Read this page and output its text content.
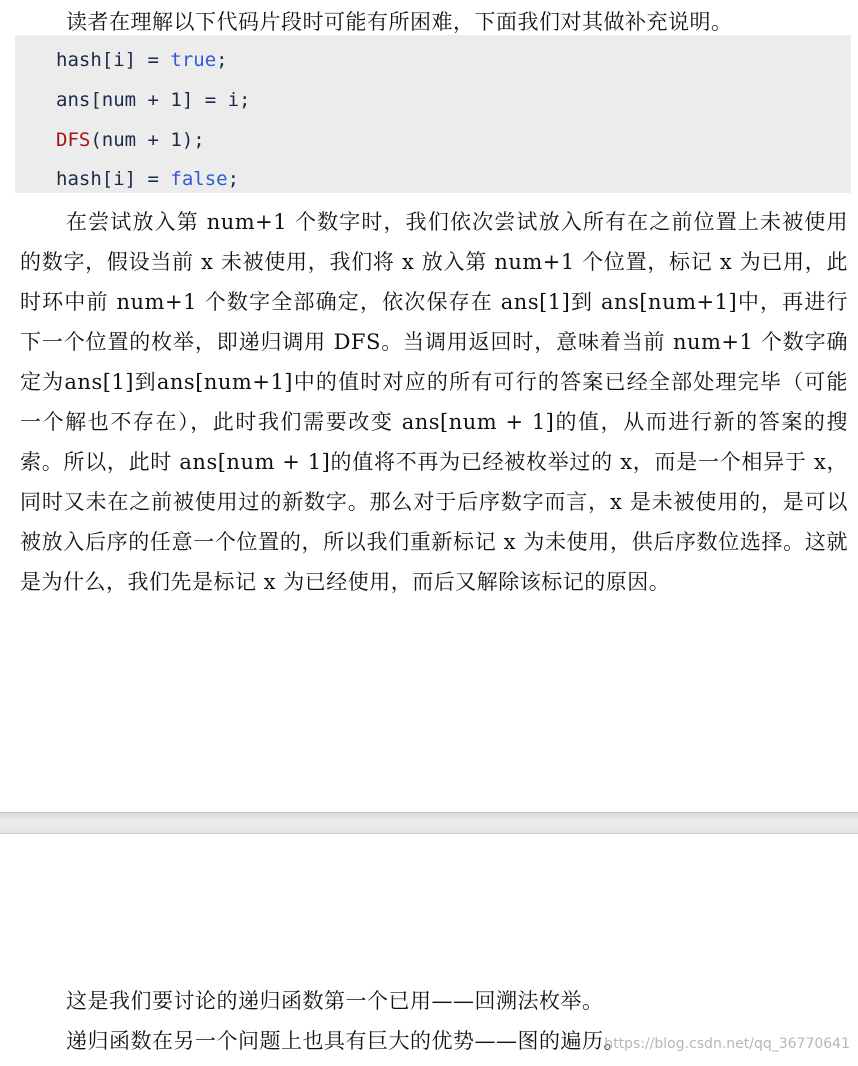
读者在理解以下代码片段时可能有所困难，下面我们对其做补充说明。

hash[i] = true;
ans[num + 1] = i;
DFS(num + 1);
hash[i] = false;

在尝试放入第 num+1 个数字时，我们依次尝试放入所有在之前位置上未被使用的数字，假设当前 x 未被使用，我们将 x 放入第 num+1 个位置，标记 x 为已用，此时环中前 num+1 个数字全部确定，依次保存在 ans[1]到 ans[num+1]中，再进行下一个位置的枚举，即递归调用 DFS。当调用返回时，意味着当前 num+1 个数字确定为ans[1]到ans[num+1]中的值时对应的所有可行的答案已经全部处理完毕（可能一个解也不存在），此时我们需要改变 ans[num + 1]的值，从而进行新的答案的搜索。所以，此时 ans[num + 1]的值将不再为已经被枚举过的 x，而是一个相异于 x，同时又未在之前被使用过的新数字。那么对于后序数字而言，x 是未被使用的，是可以被放入后序的任意一个位置的，所以我们重新标记 x 为未使用，供后序数位选择。这就是为什么，我们先是标记 x 为已经使用，而后又解除该标记的原因。

这是我们要讨论的递归函数第一个已用——回溯法枚举。

递归函数在另一个问题上也具有巨大的优势——图的遍历。

https://blog.csdn.net/qq_36770641
